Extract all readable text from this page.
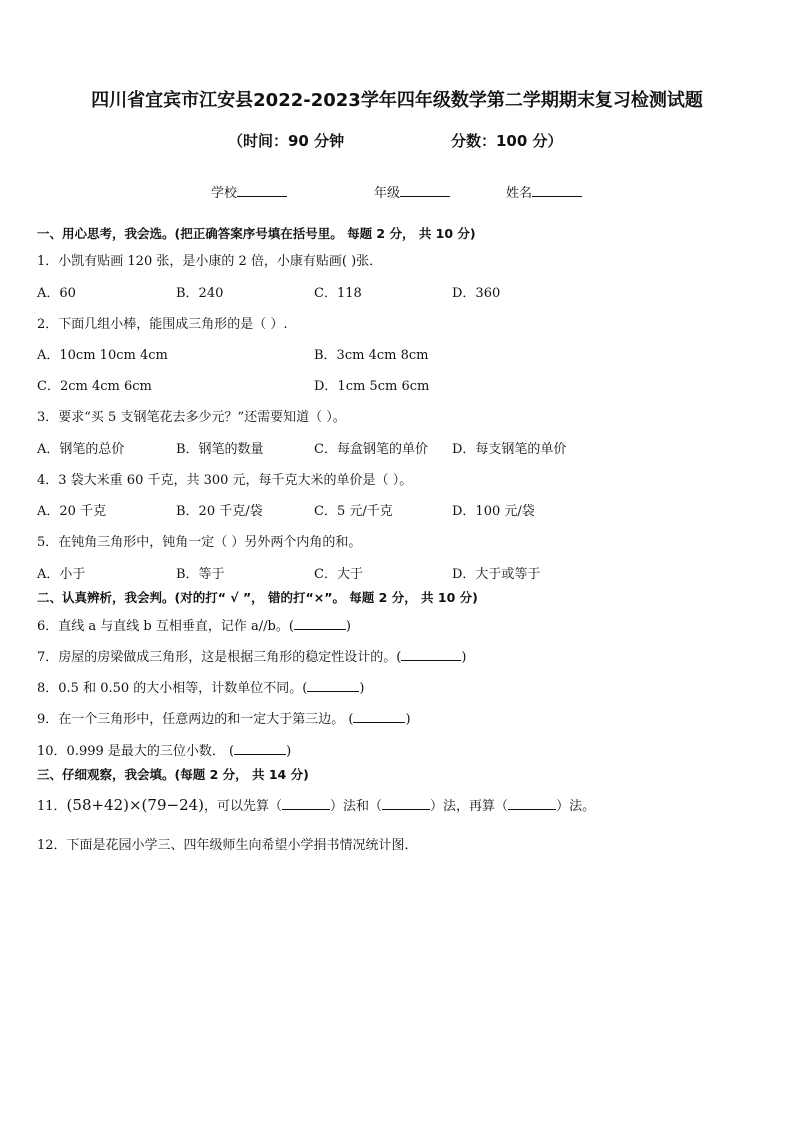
四川省宜宾市江安县2022-2023学年四年级数学第二学期期末复习检测试题
（时间：90 分钟	分数：100 分）
学校	年级	姓名
一、用心思考，我会选。(把正确答案序号填在括号里。 每题 2 分， 共 10 分)
1．小凯有贴画 120 张，是小康的 2 倍，小康有贴画( )张．
A．60	B．240	C．118	D．360
2．下面几组小棒，能围成三角形的是（ ）.
A．10cm 10cm 4cm	B．3cm 4cm 8cm
C．2cm 4cm 6cm	D．1cm 5cm 6cm
3．要求“买 5 支钢笔花去多少元？”还需要知道（ ）。
A．钢笔的总价	B．钢笔的数量	C．每盒钢笔的单价 D．每支钢笔的单价
4．3 袋大米重 60 千克，共 300 元，每千克大米的单价是（ ）。
A．20 千克	B．20 千克/袋	C．5 元/千克	D．100 元/袋
5．在钝角三角形中，钝角一定（ ）另外两个内角的和。
A．小于	B．等于	C．大于	D．大于或等于
二、认真辨析，我会判。(对的打“ √ ”， 错的打“×”。 每题 2 分， 共 10 分)
6．直线 a 与直线 b 互相垂直，记作 a//b。(	)
7．房屋的房梁做成三角形，这是根据三角形的稳定性设计的。(	)
8．0.5 和 0.50 的大小相等，计数单位不同。(	)
9．在一个三角形中，任意两边的和一定大于第三边。 (	)
10．0.999 是最大的三位小数． (	)
三、仔细观察，我会填。(每题 2 分， 共 14 分)
11．(58+42)×(79−24)，可以先算（	）法和（	）法，再算（	）法。
12．下面是花园小学三、四年级师生向希望小学捐书情况统计图．
